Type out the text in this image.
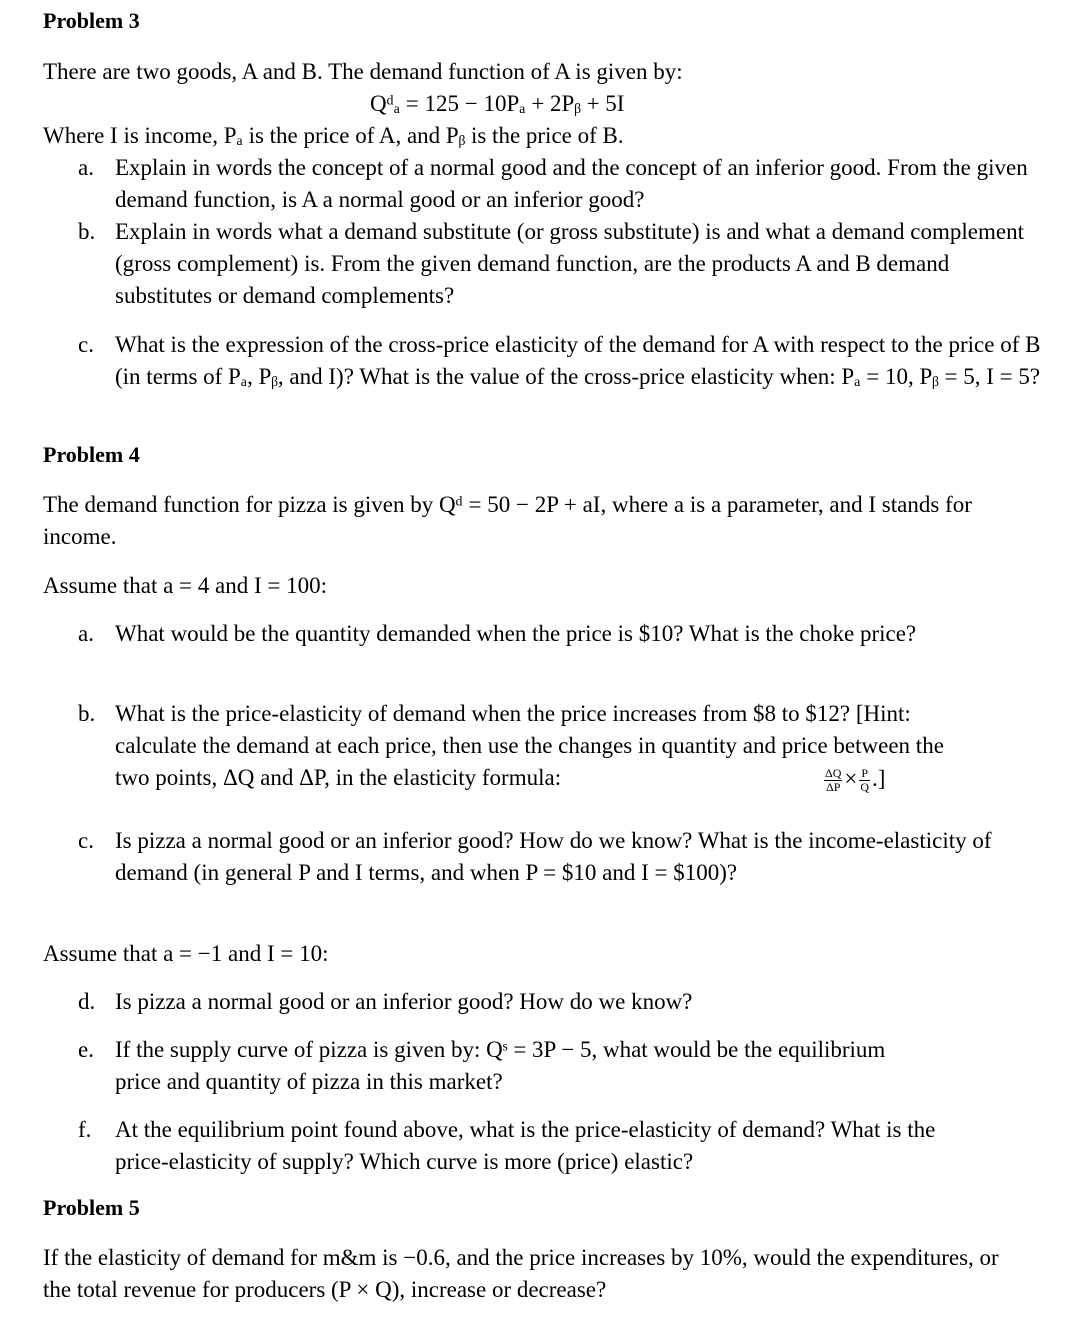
Problem 3
There are two goods, A and B. The demand function of A is given by:
Qᵈₐ = 125 − 10Pₐ + 2Pᵦ + 5I
Where I is income, Pₐ is the price of A, and Pᵦ is the price of B.
a. Explain in words the concept of a normal good and the concept of an inferior good. From the given demand function, is A a normal good or an inferior good?
b. Explain in words what a demand substitute (or gross substitute) is and what a demand complement (gross complement) is. From the given demand function, are the products A and B demand substitutes or demand complements?
c. What is the expression of the cross-price elasticity of the demand for A with respect to the price of B (in terms of Pₐ, Pᵦ, and I)? What is the value of the cross-price elasticity when: Pₐ = 10, Pᵦ = 5, I = 5?
Problem 4
The demand function for pizza is given by Qᵈ = 50 − 2P + aI, where a is a parameter, and I stands for income.
Assume that a = 4 and I = 100:
a. What would be the quantity demanded when the price is $10? What is the choke price?
b. What is the price-elasticity of demand when the price increases from $8 to $12? [Hint: calculate the demand at each price, then use the changes in quantity and price between the two points, ΔQ and ΔP, in the elasticity formula:	$\frac{\Delta Q}{\Delta P} \times \frac{P}{Q}$ .]
c. Is pizza a normal good or an inferior good? How do we know? What is the income-elasticity of demand (in general P and I terms, and when P = $10 and I = $100)?
Assume that a = −1 and I = 10:
d. Is pizza a normal good or an inferior good? How do we know?
e. If the supply curve of pizza is given by: Qˢ = 3P − 5, what would be the equilibrium price and quantity of pizza in this market?
f. At the equilibrium point found above, what is the price-elasticity of demand? What is the price-elasticity of supply? Which curve is more (price) elastic?
Problem 5
If the elasticity of demand for m&m is −0.6, and the price increases by 10%, would the expenditures, or the total revenue for producers (P × Q), increase or decrease?
